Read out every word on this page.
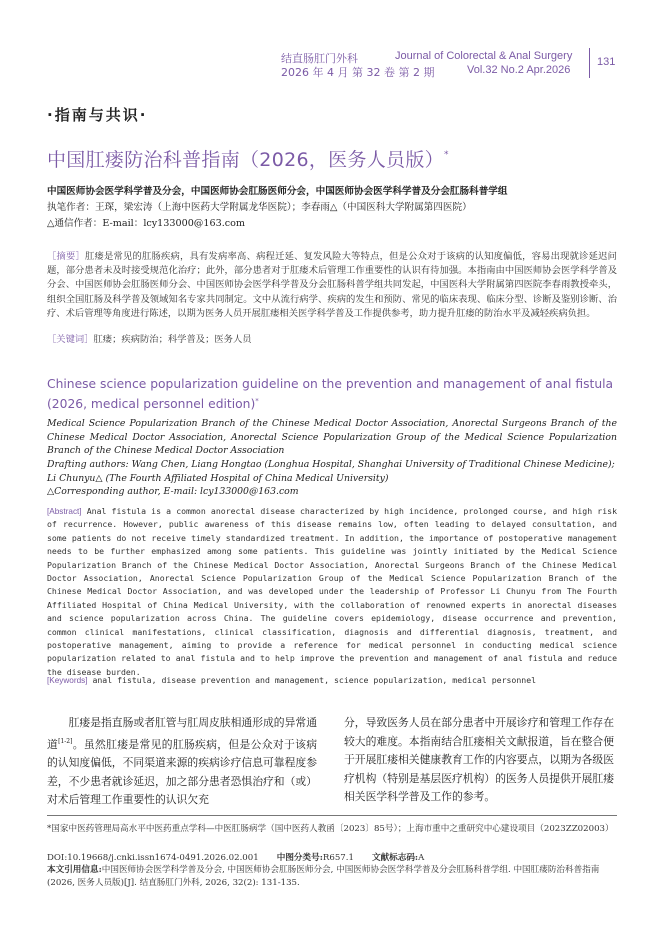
结直肠肛门外科
2026 年 4 月 第 32 卷 第 2 期
Journal of Colorectal & Anal Surgery
Vol.32 No.2 Apr.2026
131
·指南与共识·
中国肛瘘防治科普指南（2026，医务人员版）*
中国医师协会医学科学普及分会，中国医师协会肛肠医师分会，中国医师协会医学科学普及分会肛肠科普学组
执笔作者：王琛，梁宏涛（上海中医药大学附属龙华医院）；李春雨△（中国医科大学附属第四医院）
△通信作者：E-mail：lcy133000@163.com
［摘要］肛瘘是常见的肛肠疾病，具有发病率高、病程迁延、复发风险大等特点，但是公众对于该病的认知度偏低，容易出现就诊延迟问题，部分患者未及时接受规范化治疗；此外，部分患者对于肛瘘术后管理工作重要性的认识有待加强。本指南由中国医师协会医学科学普及分会、中国医师协会肛肠医师分会、中国医师协会医学科学普及分会肛肠科普学组共同发起，中国医科大学附属第四医院李春雨教授牵头，组织全国肛肠及科学普及领域知名专家共同制定。文中从流行病学、疾病的发生和预防、常见的临床表现、临床分型、诊断及鉴别诊断、治疗、术后管理等角度进行陈述，以期为医务人员开展肛瘘相关医学科学普及工作提供参考，助力提升肛瘘的防治水平及减轻疾病负担。
［关键词］肛瘘；疾病防治；科学普及；医务人员
Chinese science popularization guideline on the prevention and management of anal fistula (2026, medical personnel edition)*
Medical Science Popularization Branch of the Chinese Medical Doctor Association, Anorectal Surgeons Branch of the Chinese Medical Doctor Association, Anorectal Science Popularization Group of the Medical Science Popularization Branch of the Chinese Medical Doctor Association
Drafting authors: Wang Chen, Liang Hongtao (Longhua Hospital, Shanghai University of Traditional Chinese Medicine); Li Chunyu△ (The Fourth Affiliated Hospital of China Medical University)
△Corresponding author, E-mail: lcy133000@163.com
[Abstract] Anal fistula is a common anorectal disease characterized by high incidence, prolonged course, and high risk of recurrence. However, public awareness of this disease remains low, often leading to delayed consultation, and some patients do not receive timely standardized treatment. In addition, the importance of postoperative management needs to be further emphasized among some patients. This guideline was jointly initiated by the Medical Science Popularization Branch of the Chinese Medical Doctor Association, Anorectal Surgeons Branch of the Chinese Medical Doctor Association, Anorectal Science Popularization Group of the Medical Science Popularization Branch of the Chinese Medical Doctor Association, and was developed under the leadership of Professor Li Chunyu from The Fourth Affiliated Hospital of China Medical University, with the collaboration of renowned experts in anorectal diseases and science popularization across China. The guideline covers epidemiology, disease occurrence and prevention, common clinical manifestations, clinical classification, diagnosis and differential diagnosis, treatment, and postoperative management, aiming to provide a reference for medical personnel in conducting medical science popularization related to anal fistula and to help improve the prevention and management of anal fistula and reduce the disease burden.
[Keywords] anal fistula, disease prevention and management, science popularization, medical personnel
肛瘘是指直肠或者肛管与肛周皮肤相通形成的异常通道[1-2]。虽然肛瘘是常见的肛肠疾病，但是公众对于该病的认知度偏低，不同渠道来源的疾病诊疗信息可靠程度参差，不少患者就诊延迟，加之部分患者恐惧治疗和（或）对术后管理工作重要性的认识欠充
分，导致医务人员在部分患者中开展诊疗和管理工作存在较大的难度。本指南结合肛瘘相关文献报道，旨在整合便于开展肛瘘相关健康教育工作的内容要点，以期为各级医疗机构（特别是基层医疗机构）的医务人员提供开展肛瘘相关医学科学普及工作的参考。
*国家中医药管理局高水平中医药重点学科—中医肛肠病学（国中医药人教函〔2023〕85号）；上海市重中之重研究中心建设项目（2023ZZ02003）
DOI:10.19668/j.cnki.issn1674-0491.2026.02.001 中图分类号:R657.1 文献标志码:A
本文引用信息:中国医师协会医学科学普及分会, 中国医师协会肛肠医师分会, 中国医师协会医学科学普及分会肛肠科普学组. 中国肛瘘防治科普指南(2026, 医务人员版)[J]. 结直肠肛门外科, 2026, 32(2): 131-135.
